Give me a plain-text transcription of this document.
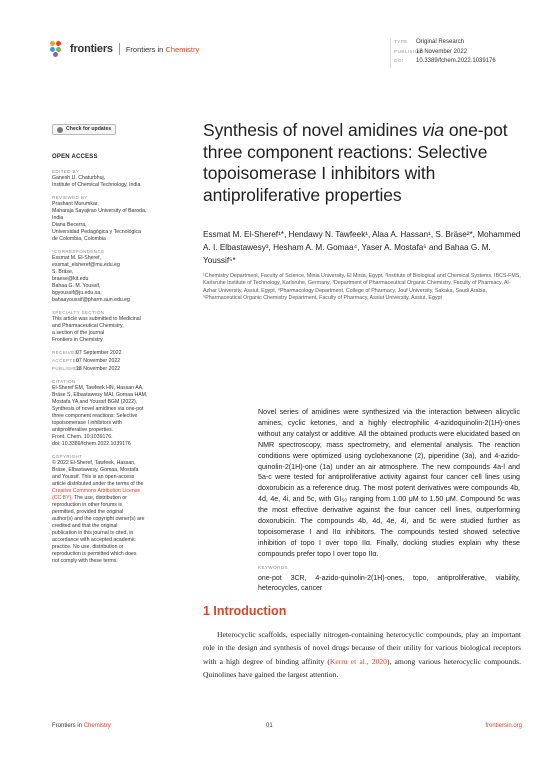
frontiers Frontiers in Chemistry
TYPE Original Research
PUBLISHED18 November 2022
DOI 10.3389/fchem.2022.1039176
Check for updates
OPEN ACCESS
EDITED BY
Ganesh U. Chaturbhuj,
Institute of Chemical Technology, India
REVIEWED BY
Prashant Murumkar,
Maharaja Sayajirao University of Baroda,
India
Diana Becerra,
Universidad Pedagógica y Tecnológica
de Colombia, Colombia
*CORRESPONDENCE
Essmat M. El-Sheref,
essmat_elsheref@mu.edu.eg
S. Bräse,
braese@kit.edu
Bahaa G. M. Youssif,
bgyoussif@ju.edu.sa,
bahaayoussif@pharm.aun.edu.eg
SPECIALTY SECTION
This article was submitted to Medicinal
and Pharmaceutical Chemistry,
a section of the journal
Frontiers in Chemistry
RECEIVED07 September 2022
ACCEPTED07 November 2022
PUBLISHED18 November 2022
CITATION
El-Sheref EM, Tawfeek HN, Hassan AA,
Bräse S, Elbastawesy MAI, Gomaa HAM,
Mostafa YA and Youssif BGM (2022),
Synthesis of novel amidines via one-pot
three component reactions: Selective
topoisomerase I inhibitors with
antiproliferative properties.
Front. Chem. 10:1039176.
doi: 10.3389/fchem.2022.1039176
COPYRIGHT
© 2022 El-Sheref, Tawfeek, Hassan,
Bräse, Elbastawesy, Gomaa, Mostafa
and Youssif. This is an open-access
article distributed under the terms of the
Creative Commons Attribution License
(CC BY). The use, distribution or
reproduction in other forums is
permitted, provided the original
author(s) and the copyright owner(s) are
credited and that the original
publication in this journal is cited, in
accordance with accepted academic
practice. No use, distribution or
reproduction is permitted which does
not comply with these terms.
Synthesis of novel amidines via one-pot three component reactions: Selective topoisomerase I inhibitors with antiproliferative properties
Essmat M. El-Sheref¹*, Hendawy N. Tawfeek¹, Alaa A. Hassan¹, S. Bräse²*, Mohammed A. I. Elbastawesy³, Hesham A. M. Gomaa⁴, Yaser A. Mostafa⁵ and Bahaa G. M. Youssif⁵*
¹Chemistry Department, Faculty of Science, Minia University, El Minia, Egypt, ²Institute of Biological and Chemical Systems, IBCS-FMS, Karlsruhe Institute of Technology, Karlsruhe, Germany, ³Department of Pharmaceutical Organic Chemistry, Faculty of Pharmacy, Al-Azhar University, Assiut, Egypt, ⁴Pharmacology Department, College of Pharmacy, Jouf University, Sakaka, Saudi Arabia, ⁵Pharmaceutical Organic Chemistry Department, Faculty of Pharmacy, Assiut University, Assiut, Egypt
Novel series of amidines were synthesized via the interaction between alicyclic amines, cyclic ketones, and a highly electrophilic 4-azidoquinolin-2(1H)-ones without any catalyst or additive. All the obtained products were elucidated based on NMR spectroscopy, mass spectrometry, and elemental analysis. The reaction conditions were optimized using cyclohexanone (2), piperidine (3a), and 4-azido-quinolin-2(1H)-one (1a) under an air atmosphere. The new compounds 4a-l and 5a-c were tested for antiproliferative activity against four cancer cell lines using doxorubicin as a reference drug. The most potent derivatives were compounds 4b, 4d, 4e, 4i, and 5c, with GI₅₀ ranging from 1.00 μM to 1.50 μM. Compound 5c was the most effective derivative against the four cancer cell lines, outperforming doxorubicin. The compounds 4b, 4d, 4e, 4i, and 5c were studied further as topoisomerase I and IIα inhibitors. The compounds tested showed selective inhibition of topo I over topo IIα. Finally, docking studies explain why these compounds prefer topo I over topo IIα.
KEYWORDS
one-pot 3CR, 4-azido-quinolin-2(1H)-ones, topo, antiproliferative, viability, heterocycles, cancer
1 Introduction

Heterocyclic scaffolds, especially nitrogen-containing heterocyclic compounds, play an important role in the design and synthesis of novel drugs because of their utility for various biological receptors with a high degree of binding affinity (Kerru et al., 2020), among various heterocyclic compounds. Quinolines have gained the largest attention.

Frontiers in Chemistry	01	frontiersin.org
